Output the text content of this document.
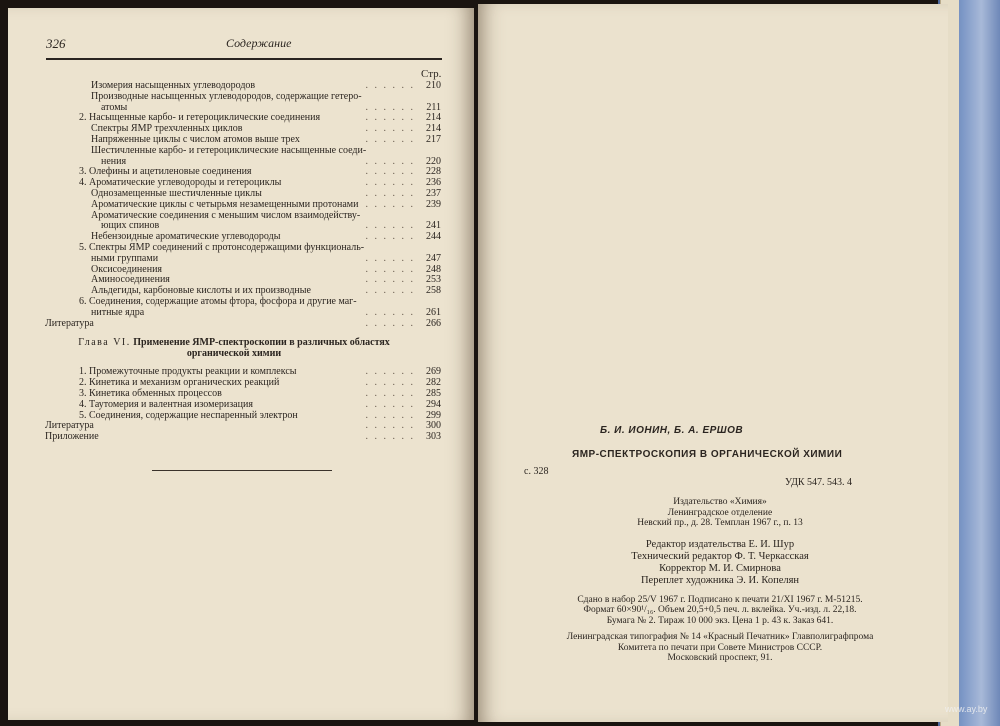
326	Содержание
Стр.
Изомерия насыщенных углеводородов	. . . . . . 210
Производные насыщенных углеводородов, содержащие гетеро-
атомы	. . . . . . 211
2. Насыщенные карбо- и гетероциклические соединения	. . . . . . 214
Спектры ЯМР трехчленных циклов	. . . . . . 214
Напряженные циклы с числом атомов выше трех	. . . . . . 217
Шестичленные карбо- и гетероциклические насыщенные соеди-
нения	. . . . . . 220
3. Олефины и ацетиленовые соединения	. . . . . . 228
4. Ароматические углеводороды и гетероциклы	. . . . . . 236
Однозамещенные шестичленные циклы	. . . . . . 237
Ароматические циклы с четырьмя незамещенными протонами . . . . . . 239
Ароматические соединения с меньшим числом взаимодейству-
ющих спинов	. . . . . . 241
Небензоидные ароматические углеводороды	. . . . . . 244
5. Спектры ЯМР соединений с протонсодержащими функциональ-
ными группами	. . . . . . 247
Оксисоединения	. . . . . . 248
Аминосоединения	. . . . . . 253
Альдегиды, карбоновые кислоты и их производные	. . . . . . 258
6. Соединения, содержащие атомы фтора, фосфора и другие маг-
нитные ядра	. . . . . . 261
Литература	. . . . . . 266
Глава VI. Применение ЯМР-спектроскопии в различных областях
органической химии
1. Промежуточные продукты реакции и комплексы	. . . . . . 269
2. Кинетика и механизм органических реакций	. . . . . . 282
3. Кинетика обменных процессов	. . . . . . 285
4. Таутомерия и валентная изомеризация	. . . . . . 294
5. Соединения, содержащие неспаренный электрон	. . . . . . 299
Литература	. . . . . . 300
Приложение	. . . . . . 303
Б. И. ИОНИН, Б. А. ЕРШОВ
ЯМР-СПЕКТРОСКОПИЯ В ОРГАНИЧЕСКОЙ ХИМИИ
с. 328
УДК 547. 543. 4
Издательство «Химия»
Ленинградское отделение
Невский пр., д. 28. Темплан 1967 г., п. 13
Редактор издательства Е. И. Шур
Технический редактор Ф. Т. Черкасская
Корректор М. И. Смирнова
Переплет художника Э. И. Копелян
Сдано в набор 25/V 1967 г. Подписано к печати 21/XI 1967 г. М-51215.
Формат 60×90¹/₁₆. Объем 20,5+0,5 печ. л. вклейка. Уч.-изд. л. 22,18.
Бумага № 2. Тираж 10 000 экз. Цена 1 р. 43 к. Заказ 641.
Ленинградская типография № 14 «Красный Печатник» Главполиграфпрома
Комитета по печати при Совете Министров СССР.
Московский проспект, 91.
www.ay.by
